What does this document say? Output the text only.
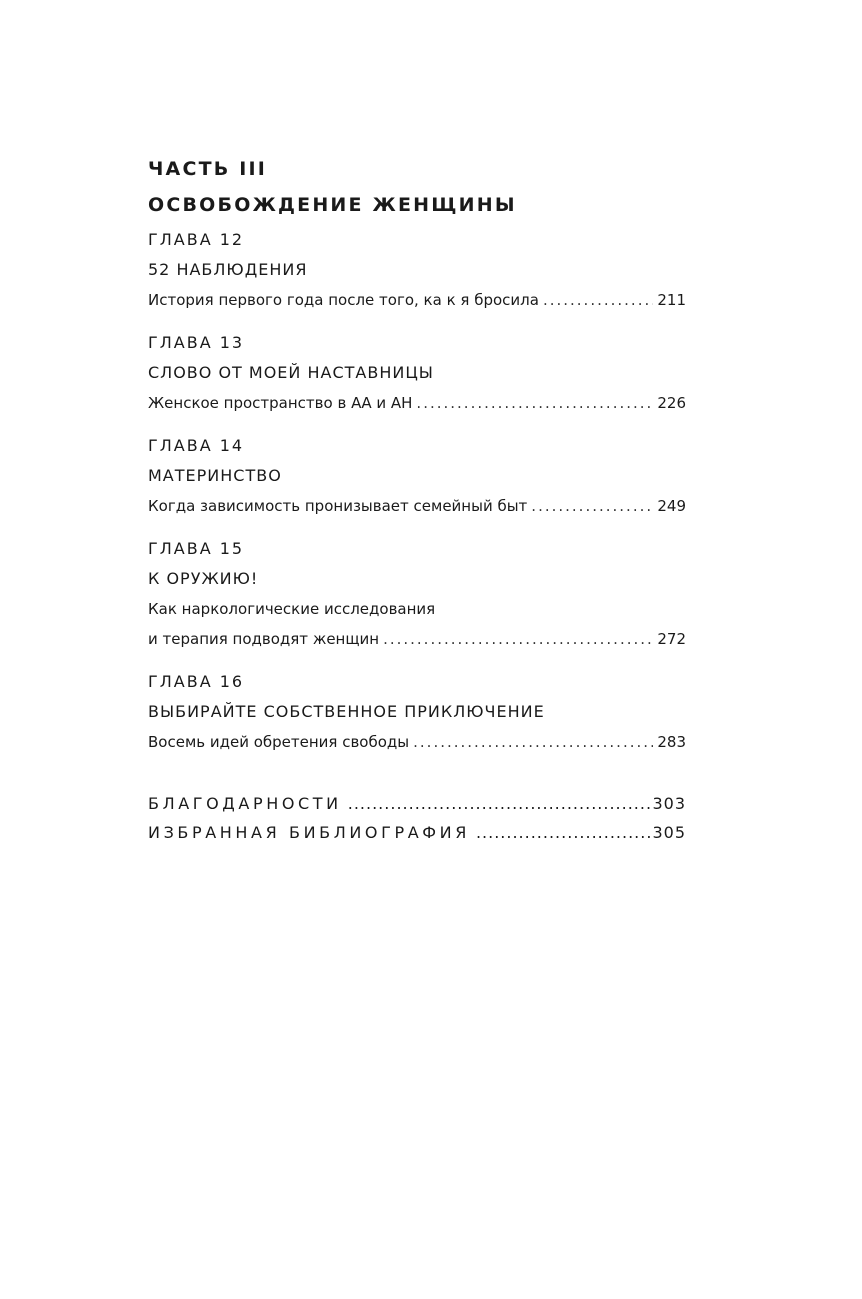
ЧАСТЬ III
ОСВОБОЖДЕНИЕ ЖЕНЩИНЫ
ГЛАВА 12
52 НАБЛЮДЕНИЯ
История первого года после того, ка к я бросила .....	211
ГЛАВА 13
СЛОВО ОТ МОЕЙ НАСТАВНИЦЫ
Женское пространство в АА и АН .....	226
ГЛАВА 14
МАТЕРИНСТВО
Когда зависимость пронизывает семейный быт .....	249
ГЛАВА 15
К ОРУЖИЮ!
Как наркологические исследования
и терапия подводят женщин .....	272
ГЛАВА 16
ВЫБИРАЙТЕ СОБСТВЕННОЕ ПРИКЛЮЧЕНИЕ
Восемь идей обретения свободы .....	283
БЛАГОДАРНОСТИ .....	303
ИЗБРАННАЯ БИБЛИОГРАФИЯ .....	305
